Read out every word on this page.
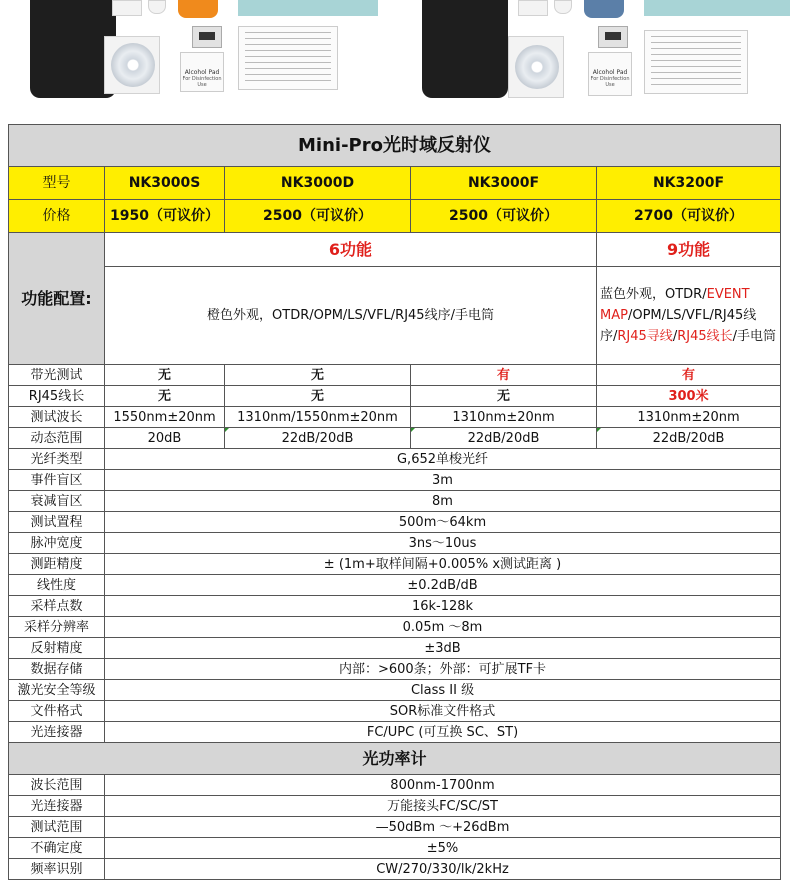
Alcohol Pad
For Disinfection Use
Alcohol Pad
For Disinfection Use
Mini-Pro光时域反射仪				
型号	NK3000S	NK3000D	NK3000F	NK3200F
价格	1950（可议价）	2500（可议价）	2500（可议价）	2700（可议价）
功能配置:	6功能			9功能
	橙色外观，OTDR/OPM/LS/VFL/RJ45线序/手电筒			蓝色外观，OTDR/EVENT MAP/OPM/LS/VFL/RJ45线序/RJ45寻线/RJ45线长/手电筒
带光测试	无	无	有	有
RJ45线长	无	无	无	300米
测试波长	1550nm±20nm	1310nm/1550nm±20nm	1310nm±20nm	1310nm±20nm
动态范围	20dB	22dB/20dB	22dB/20dB	22dB/20dB
光纤类型	G,652单梭光纤			
事件盲区	3m			
衰减盲区	8m			
测试置程	500m〜64km			
脉冲宽度	3ns〜10us			
测距精度	± (1m+取样间隔+0.005% x测试距离 )			
线性度	±0.2dB/dB			
采样点数	16k-128k			
采样分辨率	0.05m 〜8m			
反射精度	±3dB			
数据存储	内部：>600条；外部：可扩展TF卡			
激光安全等级	Class II 级			
文件格式	SOR标准文件格式			
光连接器	FC/UPC (可互换 SC、ST)			
光功率计				
波长范围	800nm-1700nm			
光连接器	万能接头FC/SC/ST			
测试范围	—50dBm 〜+26dBm			
不确定度	±5%			
频率识别	CW/270/330/lk/2kHz			
